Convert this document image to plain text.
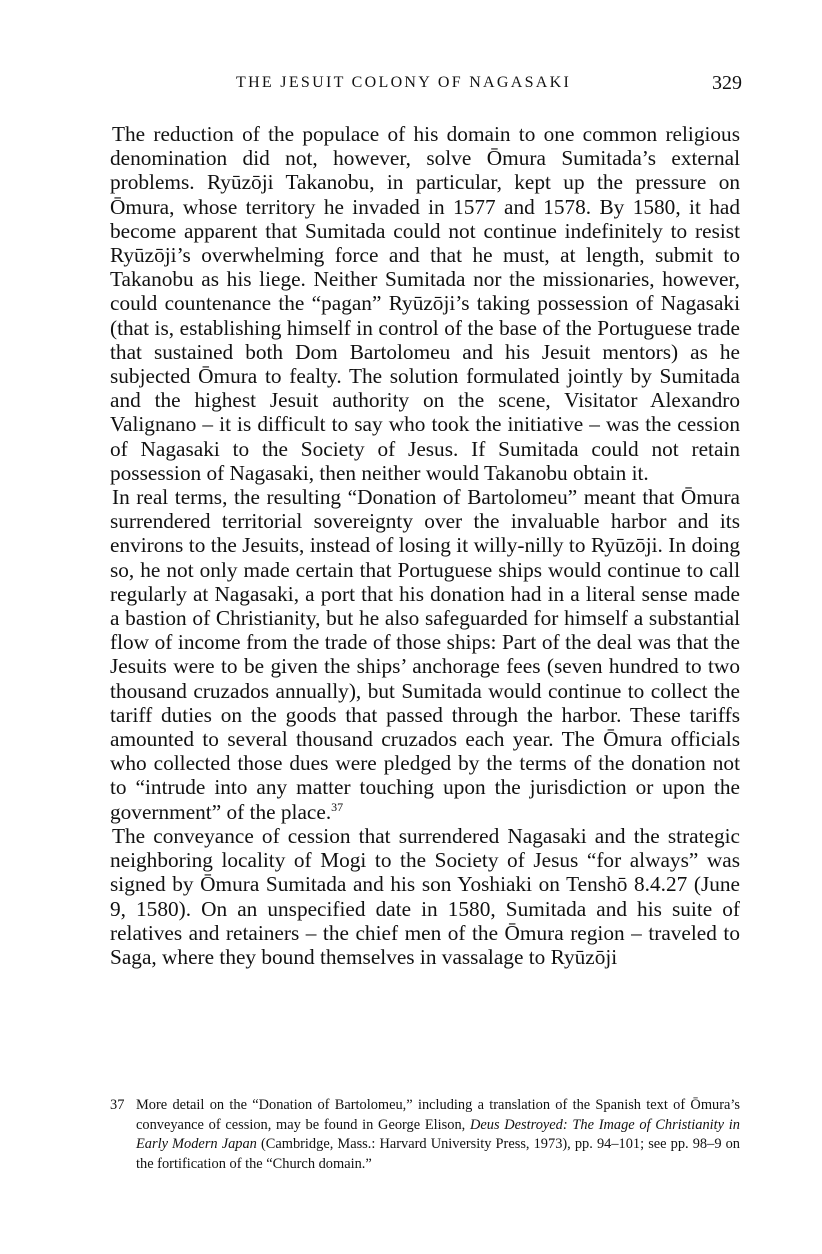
THE JESUIT COLONY OF NAGASAKI	329

The reduction of the populace of his domain to one common religious denomination did not, however, solve Ōmura Sumitada’s external problems. Ryūzōji Takanobu, in particular, kept up the pressure on Ōmura, whose territory he invaded in 1577 and 1578. By 1580, it had become apparent that Sumitada could not continue indefinitely to resist Ryūzōji’s overwhelming force and that he must, at length, submit to Takanobu as his liege. Neither Sumitada nor the missionaries, however, could countenance the “pagan” Ryūzōji’s taking possession of Nagasaki (that is, establishing himself in control of the base of the Portuguese trade that sustained both Dom Bartolomeu and his Jesuit mentors) as he subjected Ōmura to fealty. The solution formulated jointly by Sumitada and the highest Jesuit authority on the scene, Visitator Alexandro Valignano – it is difficult to say who took the initiative – was the cession of Nagasaki to the Society of Jesus. If Sumitada could not retain possession of Nagasaki, then neither would Takanobu obtain it.

In real terms, the resulting “Donation of Bartolomeu” meant that Ōmura surrendered territorial sovereignty over the invaluable harbor and its environs to the Jesuits, instead of losing it willy-nilly to Ryūzōji. In doing so, he not only made certain that Portuguese ships would continue to call regularly at Nagasaki, a port that his donation had in a literal sense made a bastion of Christianity, but he also safeguarded for himself a substantial flow of income from the trade of those ships: Part of the deal was that the Jesuits were to be given the ships’ anchorage fees (seven hundred to two thousand cruzados annually), but Sumitada would continue to collect the tariff duties on the goods that passed through the harbor. These tariffs amounted to several thousand cruzados each year. The Ōmura officials who collected those dues were pledged by the terms of the donation not to “intrude into any matter touching upon the jurisdiction or upon the government” of the place.$^{37}$

The conveyance of cession that surrendered Nagasaki and the strategic neighboring locality of Mogi to the Society of Jesus “for always” was signed by Ōmura Sumitada and his son Yoshiaki on Tenshō 8.4.27 (June 9, 1580). On an unspecified date in 1580, Sumitada and his suite of relatives and retainers – the chief men of the Ōmura region – traveled to Saga, where they bound themselves in vassalage to Ryūzōji

37 More detail on the “Donation of Bartolomeu,” including a translation of the Spanish text of Ōmura’s conveyance of cession, may be found in George Elison, Deus Destroyed: The Image of Christianity in Early Modern Japan (Cambridge, Mass.: Harvard University Press, 1973), pp. 94–101; see pp. 98–9 on the fortification of the “Church domain.”
